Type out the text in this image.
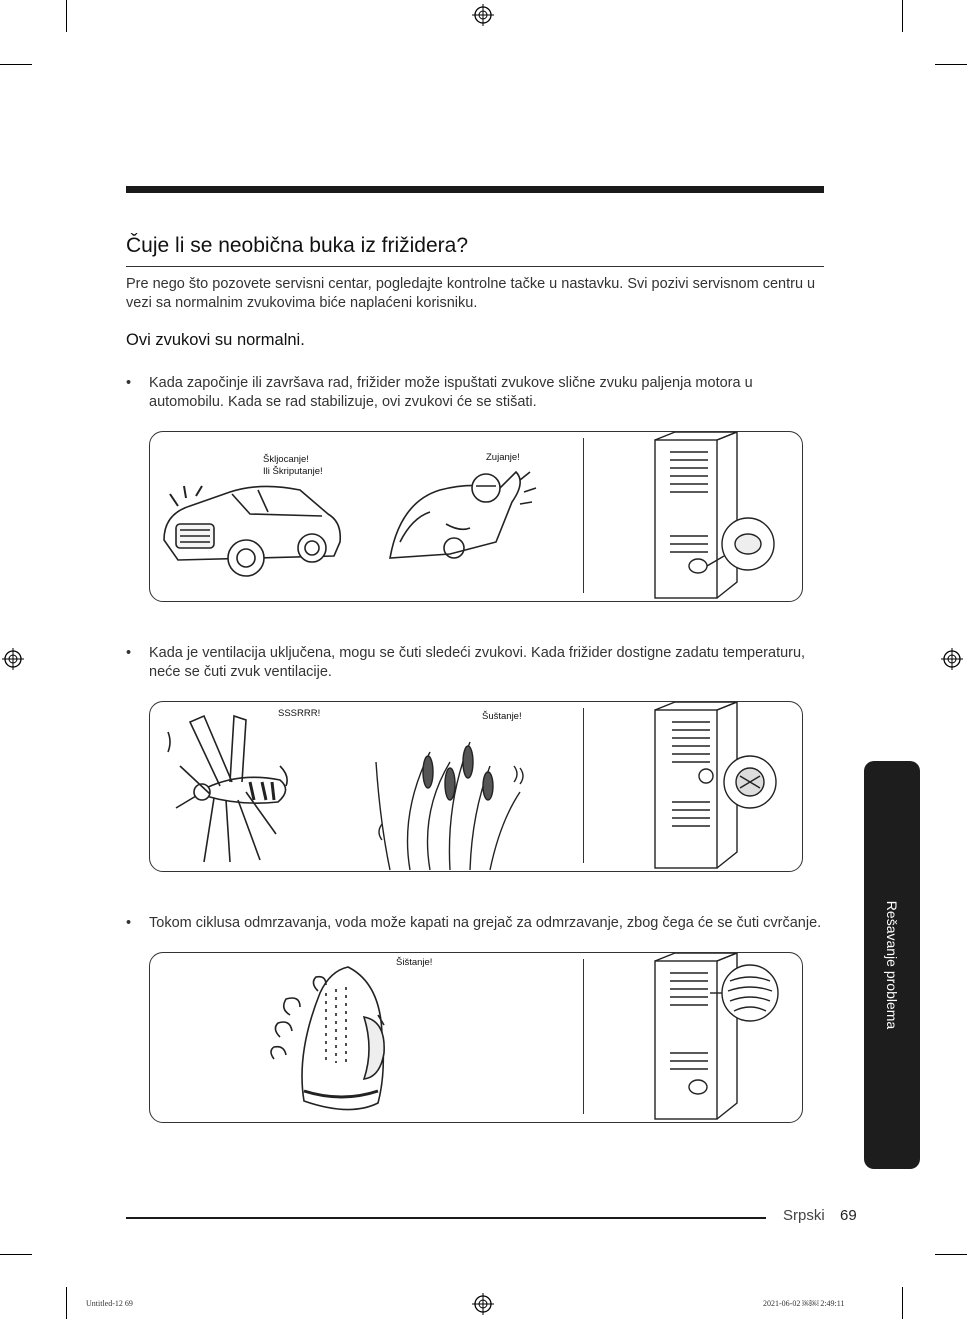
Čuje li se neobična buka iz frižidera?

Pre nego što pozovete servisni centar, pogledajte kontrolne tačke u nastavku. Svi pozivi servisnom centru u vezi sa normalnim zvukovima biće naplaćeni korisniku.

Ovi zvukovi su normalni.
• Kada započinje ili završava rad, frižider može ispuštati zvukove slične zvuku paljenja motora u automobilu. Kada se rad stabilizuje, ovi zvukovi će se stišati.
Škljocanje!
Ili Škriputanje!
Zujanje!
• Kada je ventilacija uključena, mogu se čuti sledeći zvukovi. Kada frižider dostigne zadatu temperaturu, neće se čuti zvuk ventilacije.
SSSRRR!	Šuštanje!
• Tokom ciklusa odmrzavanja, voda može kapati na grejač za odmrzavanje, zbog čega će se čuti cvrčanje.
Šištanje!	Rešavanje problema
Srpski 69
Untitled-12 69	2021-06-02 ￼￼ 2:49:11
